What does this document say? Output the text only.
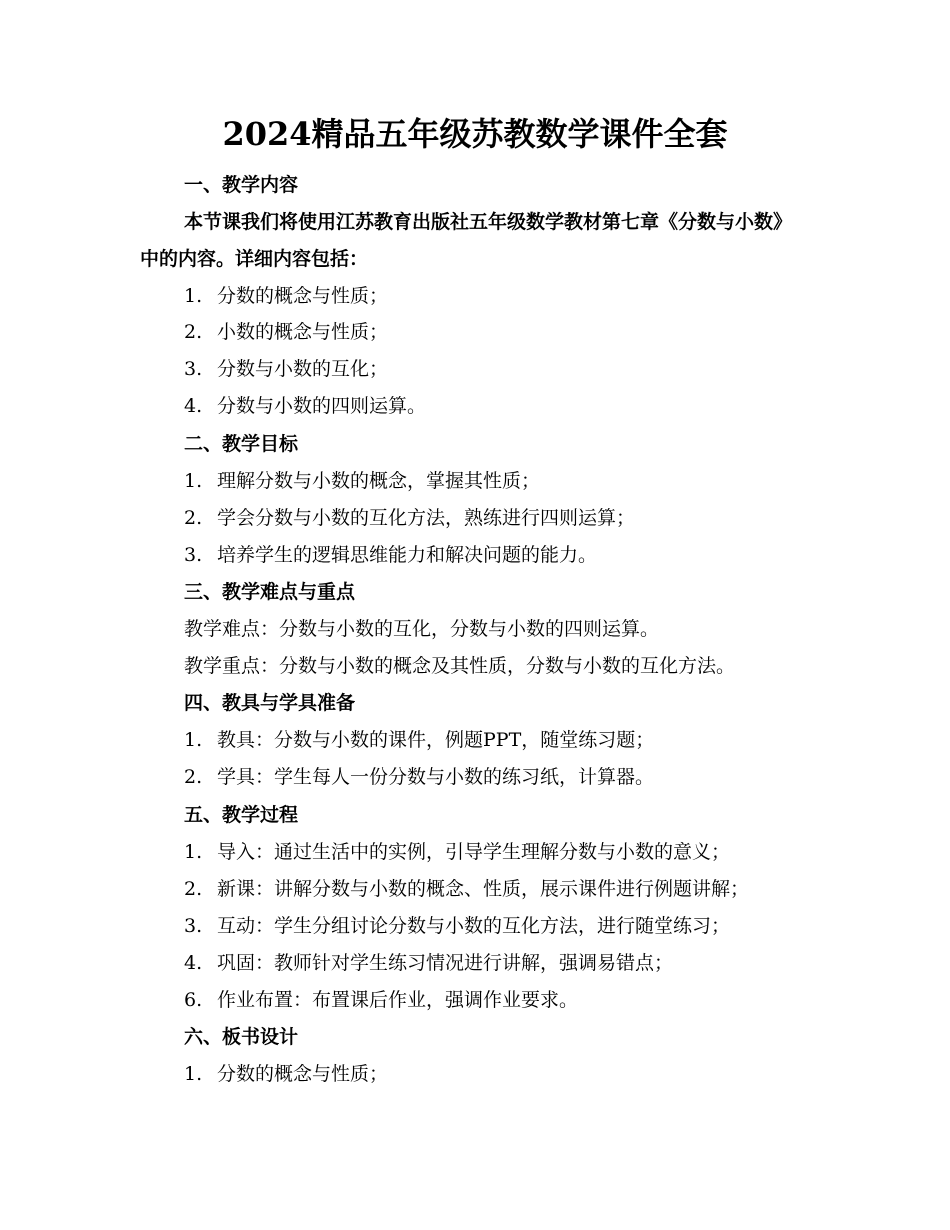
2024精品五年级苏教数学课件全套
一、教学内容
本节课我们将使用江苏教育出版社五年级数学教材第七章《分数与小数》中的内容。详细内容包括：
1. 分数的概念与性质；
2. 小数的概念与性质；
3. 分数与小数的互化；
4. 分数与小数的四则运算。
二、教学目标
1. 理解分数与小数的概念，掌握其性质；
2. 学会分数与小数的互化方法，熟练进行四则运算；
3. 培养学生的逻辑思维能力和解决问题的能力。
三、教学难点与重点
教学难点：分数与小数的互化，分数与小数的四则运算。
教学重点：分数与小数的概念及其性质，分数与小数的互化方法。
四、教具与学具准备
1. 教具：分数与小数的课件，例题PPT，随堂练习题；
2. 学具：学生每人一份分数与小数的练习纸，计算器。
五、教学过程
1. 导入：通过生活中的实例，引导学生理解分数与小数的意义；
2. 新课：讲解分数与小数的概念、性质，展示课件进行例题讲解；
3. 互动：学生分组讨论分数与小数的互化方法，进行随堂练习；
4. 巩固：教师针对学生练习情况进行讲解，强调易错点；
6. 作业布置：布置课后作业，强调作业要求。
六、板书设计
1. 分数的概念与性质；
